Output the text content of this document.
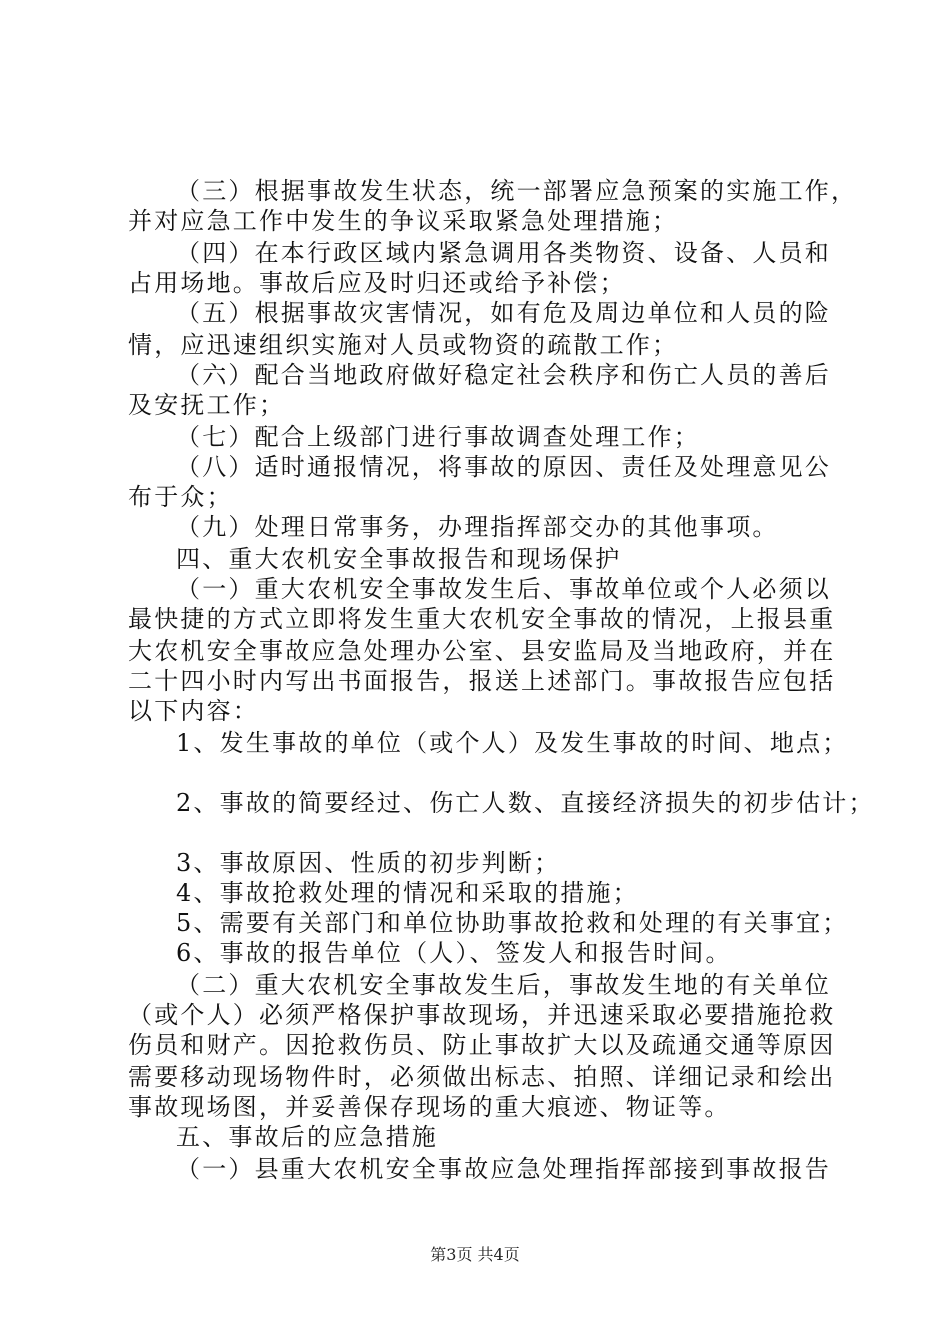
（三）根据事故发生状态，统一部署应急预案的实施工作，
并对应急工作中发生的争议采取紧急处理措施；
（四）在本行政区域内紧急调用各类物资、设备、人员和
占用场地。事故后应及时归还或给予补偿；
（五）根据事故灾害情况，如有危及周边单位和人员的险
情，应迅速组织实施对人员或物资的疏散工作；
（六）配合当地政府做好稳定社会秩序和伤亡人员的善后
及安抚工作；
（七）配合上级部门进行事故调查处理工作；
（八）适时通报情况，将事故的原因、责任及处理意见公
布于众；
（九）处理日常事务，办理指挥部交办的其他事项。
四、重大农机安全事故报告和现场保护
（一）重大农机安全事故发生后、事故单位或个人必须以
最快捷的方式立即将发生重大农机安全事故的情况，上报县重
大农机安全事故应急处理办公室、县安监局及当地政府，并在
二十四小时内写出书面报告，报送上述部门。事故报告应包括
以下内容：
1、发生事故的单位（或个人）及发生事故的时间、地点；
2、事故的简要经过、伤亡人数、直接经济损失的初步估计；
3、事故原因、性质的初步判断；
4、事故抢救处理的情况和采取的措施；
5、需要有关部门和单位协助事故抢救和处理的有关事宜；
6、事故的报告单位（人）、签发人和报告时间。
（二）重大农机安全事故发生后，事故发生地的有关单位
（或个人）必须严格保护事故现场，并迅速采取必要措施抢救
伤员和财产。因抢救伤员、防止事故扩大以及疏通交通等原因
需要移动现场物件时，必须做出标志、拍照、详细记录和绘出
事故现场图，并妥善保存现场的重大痕迹、物证等。
五、事故后的应急措施
（一）县重大农机安全事故应急处理指挥部接到事故报告
第3页 共4页
